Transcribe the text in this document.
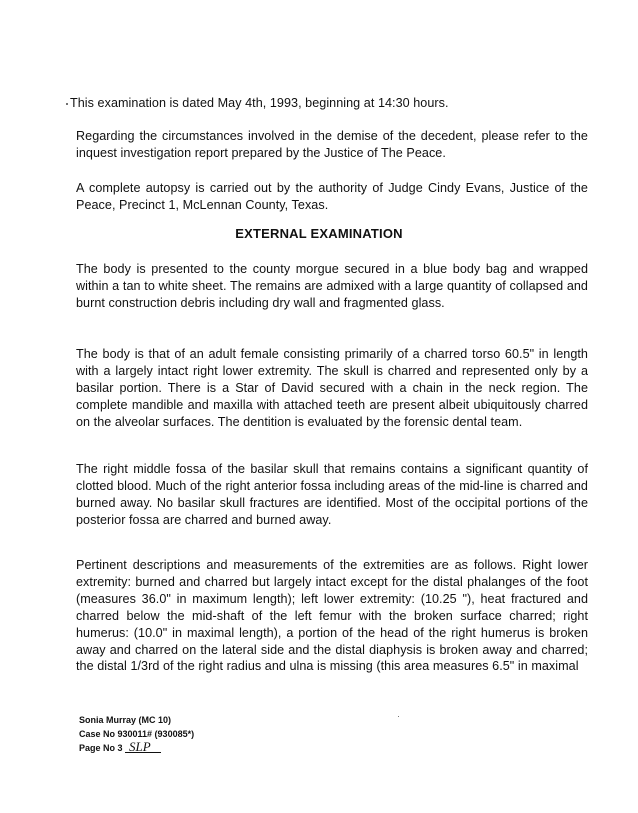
This examination is dated May 4th, 1993, beginning at 14:30 hours.

Regarding the circumstances involved in the demise of the decedent, please refer to the inquest investigation report prepared by the Justice of The Peace.

A complete autopsy is carried out by the authority of Judge Cindy Evans, Justice of the Peace, Precinct 1, McLennan County, Texas.

EXTERNAL EXAMINATION

The body is presented to the county morgue secured in a blue body bag and wrapped within a tan to white sheet. The remains are admixed with a large quantity of collapsed and burnt construction debris including dry wall and fragmented glass.

The body is that of an adult female consisting primarily of a charred torso 60.5" in length with a largely intact right lower extremity. The skull is charred and represented only by a basilar portion. There is a Star of David secured with a chain in the neck region. The complete mandible and maxilla with attached teeth are present albeit ubiquitously charred on the alveolar surfaces. The dentition is evaluated by the forensic dental team.

The right middle fossa of the basilar skull that remains contains a significant quantity of clotted blood. Much of the right anterior fossa including areas of the mid-line is charred and burned away. No basilar skull fractures are identified. Most of the occipital portions of the posterior fossa are charred and burned away.

Pertinent descriptions and measurements of the extremities are as follows. Right lower extremity: burned and charred but largely intact except for the distal phalanges of the foot (measures 36.0" in maximum length); left lower extremity: (10.25 "), heat fractured and charred below the mid-shaft of the left femur with the broken surface charred; right humerus: (10.0" in maximal length), a portion of the head of the right humerus is broken away and charred on the lateral side and the distal diaphysis is broken away and charred; the distal 1/3rd of the right radius and ulna is missing (this area measures 6.5" in maximal

Sonia Murray (MC 10)
Case No 930011# (930085*)
Page No 3 SLP
